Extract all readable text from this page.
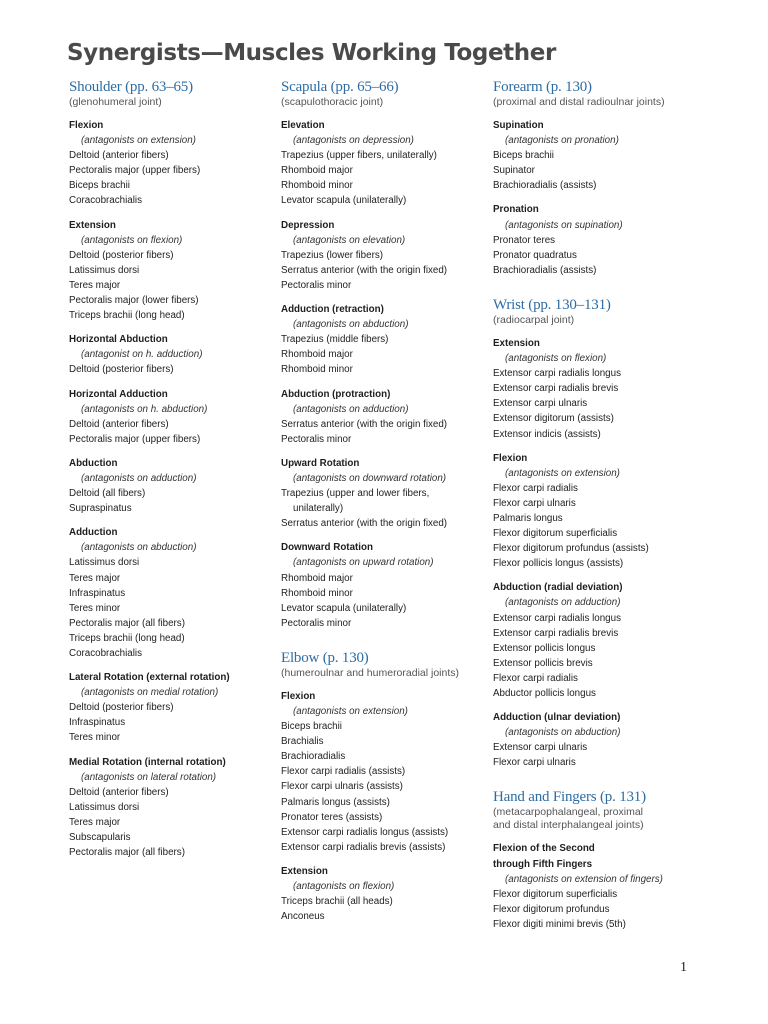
Synergists—Muscles Working Together
Shoulder (pp. 63–65)
(glenohumeral joint)
Flexion
(antagonists on extension)
Deltoid (anterior fibers)
Pectoralis major (upper fibers)
Biceps brachii
Coracobrachialis
Extension
(antagonists on flexion)
Deltoid (posterior fibers)
Latissimus dorsi
Teres major
Pectoralis major (lower fibers)
Triceps brachii (long head)
Horizontal Abduction
(antagonist on h. adduction)
Deltoid (posterior fibers)
Horizontal Adduction
(antagonists on h. abduction)
Deltoid (anterior fibers)
Pectoralis major (upper fibers)
Abduction
(antagonists on adduction)
Deltoid (all fibers)
Supraspinatus
Adduction
(antagonists on abduction)
Latissimus dorsi
Teres major
Infraspinatus
Teres minor
Pectoralis major (all fibers)
Triceps brachii (long head)
Coracobrachialis
Lateral Rotation (external rotation)
(antagonists on medial rotation)
Deltoid (posterior fibers)
Infraspinatus
Teres minor
Medial Rotation (internal rotation)
(antagonists on lateral rotation)
Deltoid (anterior fibers)
Latissimus dorsi
Teres major
Subscapularis
Pectoralis major (all fibers)
Scapula (pp. 65–66)
(scapulothoracic joint)
Elevation
(antagonists on depression)
Trapezius (upper fibers, unilaterally)
Rhomboid major
Rhomboid minor
Levator scapula (unilaterally)
Depression
(antagonists on elevation)
Trapezius (lower fibers)
Serratus anterior (with the origin fixed)
Pectoralis minor
Adduction (retraction)
(antagonists on abduction)
Trapezius (middle fibers)
Rhomboid major
Rhomboid minor
Abduction (protraction)
(antagonists on adduction)
Serratus anterior (with the origin fixed)
Pectoralis minor
Upward Rotation
(antagonists on downward rotation)
Trapezius (upper and lower fibers,
unilaterally)
Serratus anterior (with the origin fixed)
Downward Rotation
(antagonists on upward rotation)
Rhomboid major
Rhomboid minor
Levator scapula (unilaterally)
Pectoralis minor
Elbow (p. 130)
(humeroulnar and humeroradial joints)
Flexion
(antagonists on extension)
Biceps brachii
Brachialis
Brachioradialis
Flexor carpi radialis (assists)
Flexor carpi ulnaris (assists)
Palmaris longus (assists)
Pronator teres (assists)
Extensor carpi radialis longus (assists)
Extensor carpi radialis brevis (assists)
Extension
(antagonists on flexion)
Triceps brachii (all heads)
Anconeus
Forearm (p. 130)
(proximal and distal radioulnar joints)
Supination
(antagonists on pronation)
Biceps brachii
Supinator
Brachioradialis (assists)
Pronation
(antagonists on supination)
Pronator teres
Pronator quadratus
Brachioradialis (assists)
Wrist (pp. 130–131)
(radiocarpal joint)
Extension
(antagonists on flexion)
Extensor carpi radialis longus
Extensor carpi radialis brevis
Extensor carpi ulnaris
Extensor digitorum (assists)
Extensor indicis (assists)
Flexion
(antagonists on extension)
Flexor carpi radialis
Flexor carpi ulnaris
Palmaris longus
Flexor digitorum superficialis
Flexor digitorum profundus (assists)
Flexor pollicis longus (assists)
Abduction (radial deviation)
(antagonists on adduction)
Extensor carpi radialis longus
Extensor carpi radialis brevis
Extensor pollicis longus
Extensor pollicis brevis
Flexor carpi radialis
Abductor pollicis longus
Adduction (ulnar deviation)
(antagonists on abduction)
Extensor carpi ulnaris
Flexor carpi ulnaris
Hand and Fingers (p. 131)
(metacarpophalangeal, proximal
and distal interphalangeal joints)
Flexion of the Second
through Fifth Fingers
(antagonists on extension of fingers)
Flexor digitorum superficialis
Flexor digitorum profundus
Flexor digiti minimi brevis (5th)
1
